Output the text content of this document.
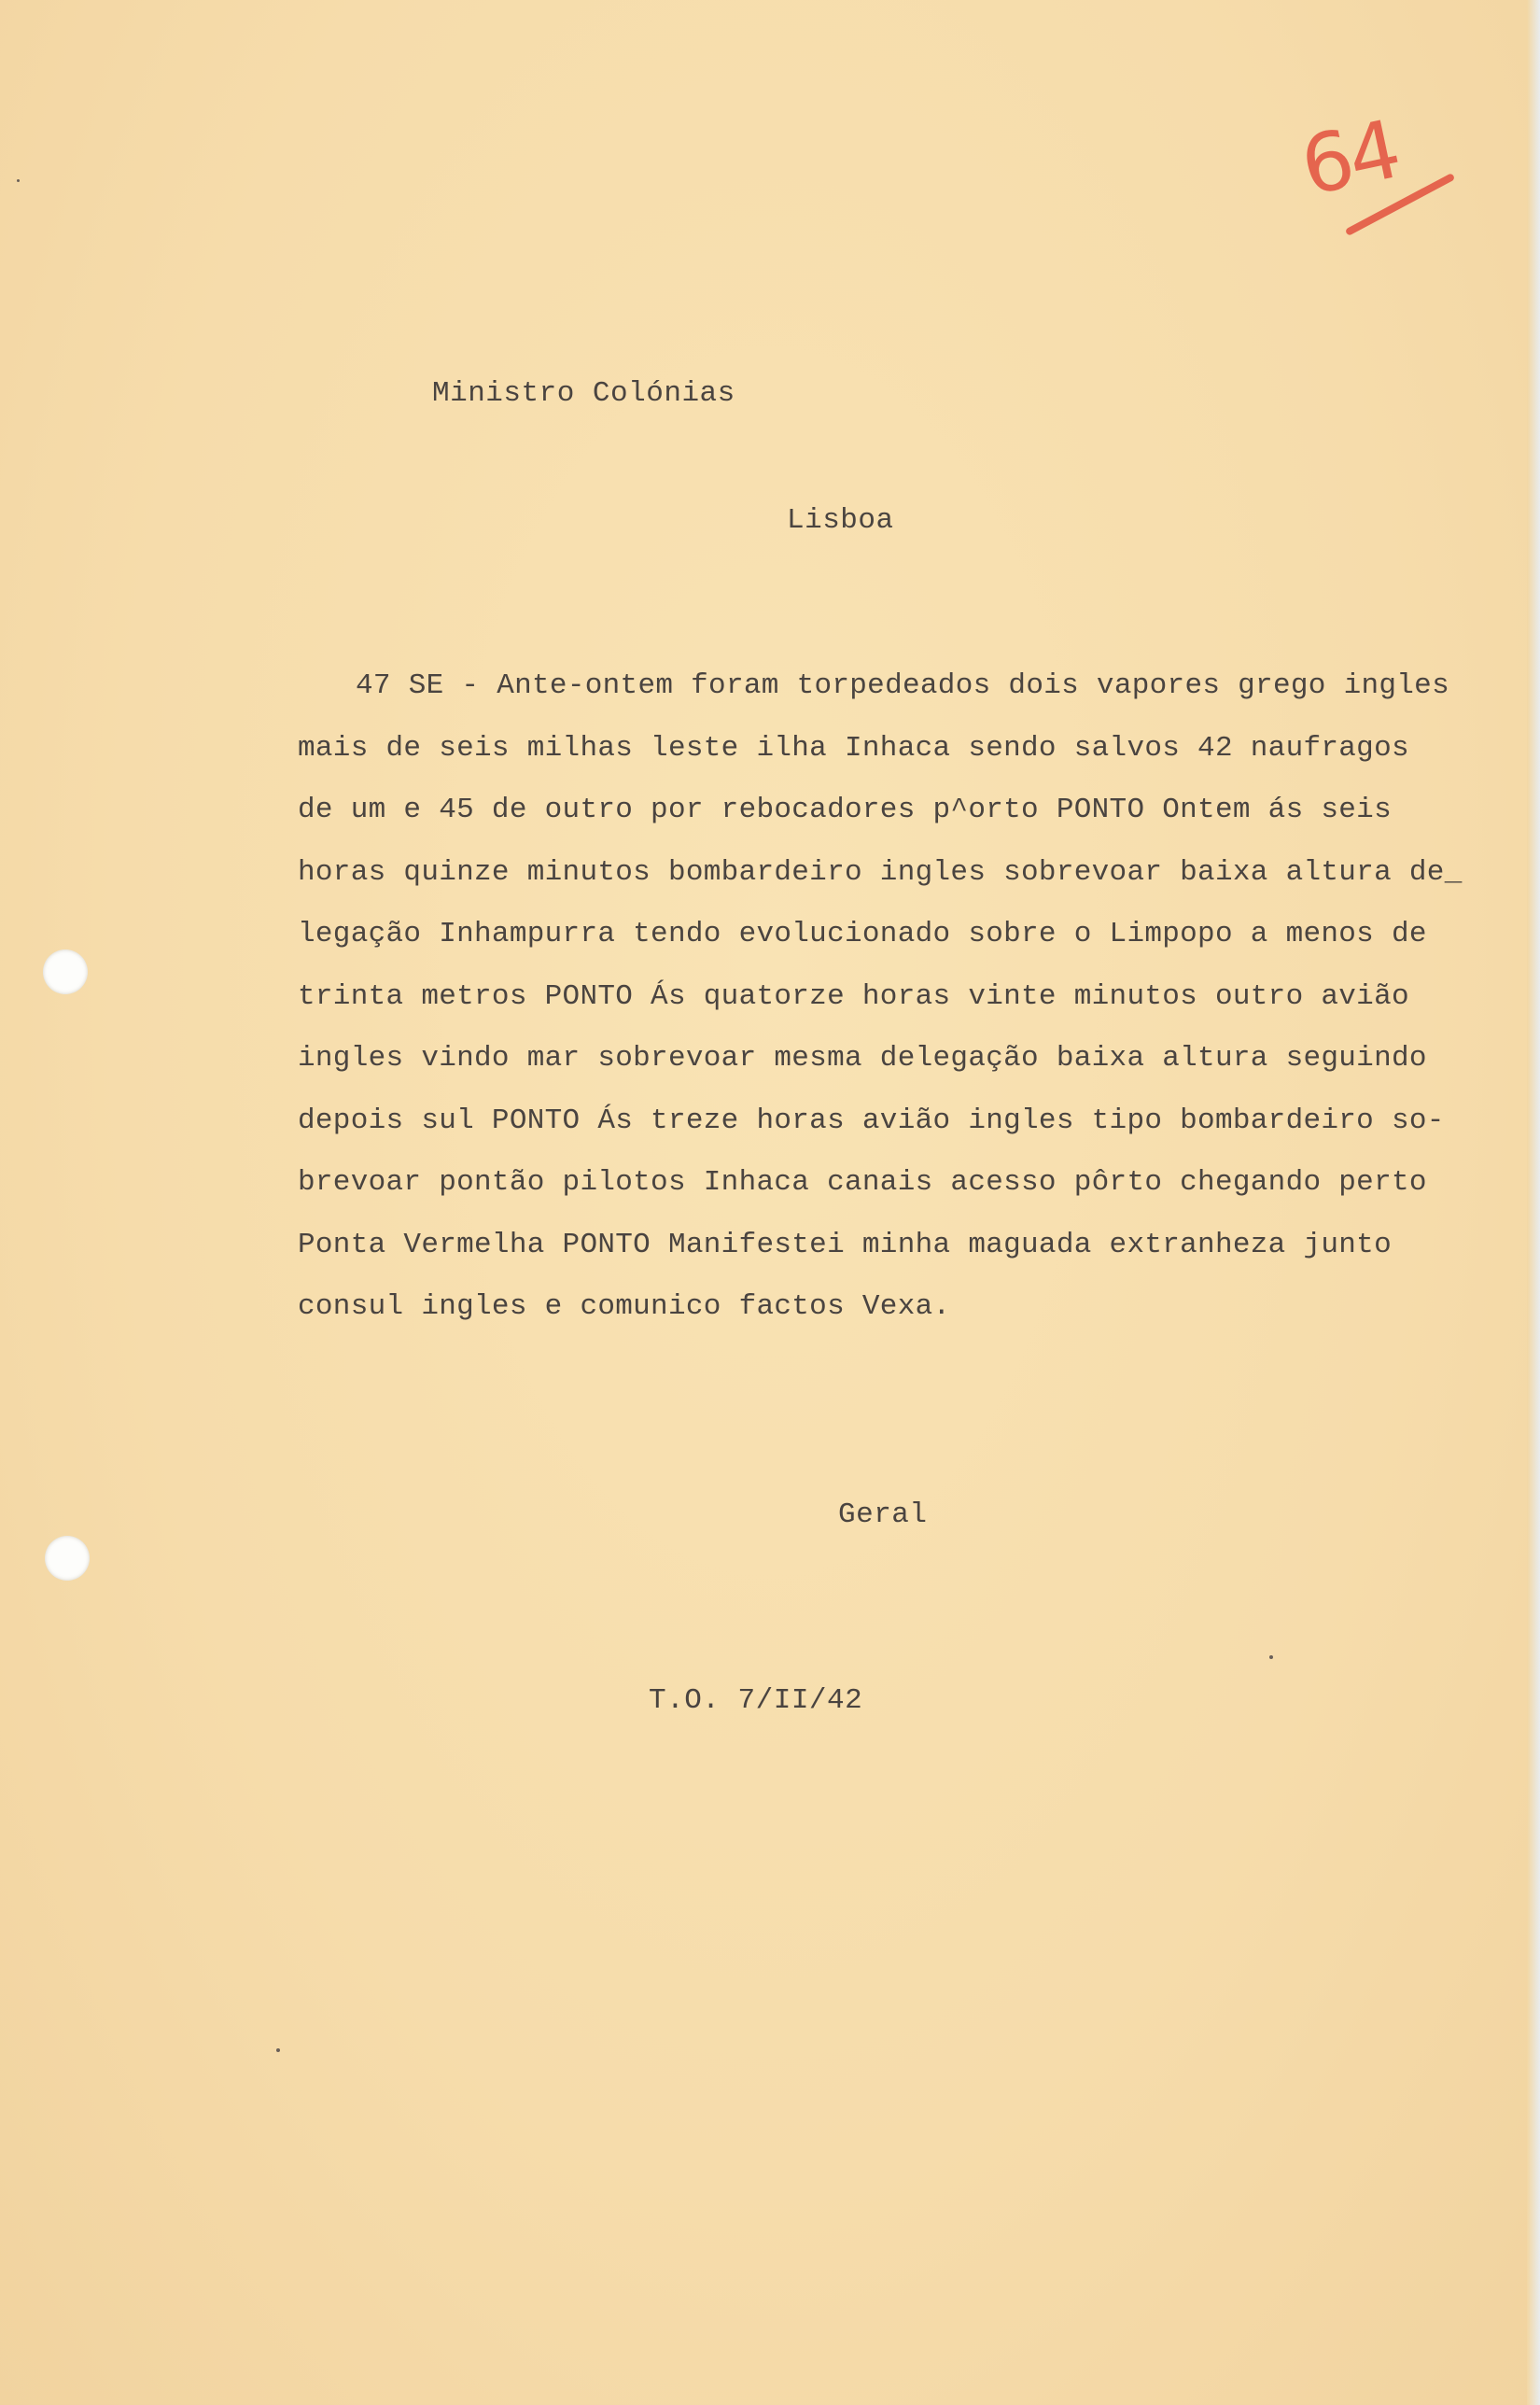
64
Ministro Colónias
Lisboa
47 SE - Ante-ontem foram torpedeados dois vapores grego ingles
mais de seis milhas leste ilha Inhaca sendo salvos 42 naufragos
de um e 45 de outro por rebocadores p^orto PONTO Ontem ás seis
horas quinze minutos bombardeiro ingles sobrevoar baixa altura de_
legação Inhampurra tendo evolucionado sobre o Limpopo a menos de
trinta metros PONTO Ás quatorze horas vinte minutos outro avião
ingles vindo mar sobrevoar mesma delegação baixa altura seguindo
depois sul PONTO Ás treze horas avião ingles tipo bombardeiro so-
brevoar pontão pilotos Inhaca canais acesso pôrto chegando perto
Ponta Vermelha PONTO Manifestei minha maguada extranheza junto
consul ingles e comunico factos Vexa.
Geral
T.O. 7/II/42
